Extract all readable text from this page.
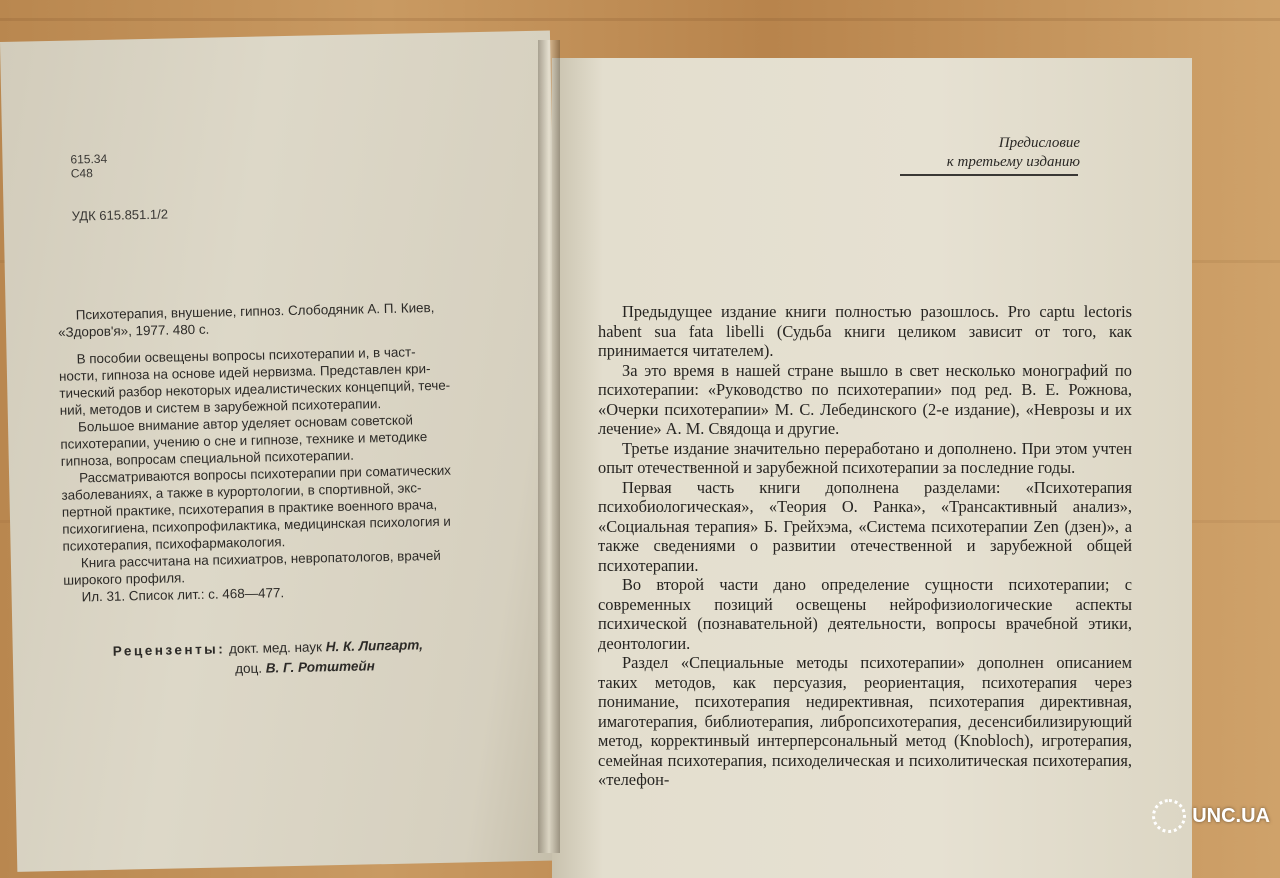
615.34
С48
УДК 615.851.1/2

Психотерапия, внушение, гипноз. Слободяник А. П. Киев,

«Здоров'я», 1977. 480 с.

В пособии освещены вопросы психотерапии и, в част-

ности, гипноза на основе идей нервизма. Представлен кри-

тический разбор некоторых идеалистических концепций, тече-

ний, методов и систем в зарубежной психотерапии.

Большое внимание автор уделяет основам советской

психотерапии, учению о сне и гипнозе, технике и методике

гипноза, вопросам специальной психотерапии.

Рассматриваются вопросы психотерапии при соматических

заболеваниях, а также в курортологии, в спортивной, экс-

пертной практике, психотерапия в практике военного врача,

психогигиена, психопрофилактика, медицинская психология и

психотерапия, психофармакология.

Книга рассчитана на психиатров, невропатологов, врачей

широкого профиля.

Ил. 31. Список лит.: с. 468—477.

Рецензенты: докт. мед. наук Н. К. Липгарт,
доц. В. Г. Ротштейн
Предисловие
к третьему изданию

Предыдущее издание книги полностью разошлось. Pro captu lectoris habent sua fata libelli (Судьба книги целиком зависит от того, как принимается читателем).

За это время в нашей стране вышло в свет несколько монографий по психотерапии: «Руководство по психотерапии» под ред. В. Е. Рожнова, «Очерки психотерапии» М. С. Лебединского (2-е издание), «Неврозы и их лечение» А. М. Свядоща и другие.

Третье издание значительно переработано и дополнено. При этом учтен опыт отечественной и зарубежной психотерапии за последние годы.

Первая часть книги дополнена разделами: «Психотерапия психобиологическая», «Теория О. Ранка», «Трансактивный анализ», «Социальная терапия» Б. Грейхэма, «Система психотерапии Zen (дзен)», а также сведениями о развитии отечественной и зарубежной общей психотерапии.

Во второй части дано определение сущности психотерапии; с современных позиций освещены нейрофизиологические аспекты психической (познавательной) деятельности, вопросы врачебной этики, деонтологии.

Раздел «Специальные методы психотерапии» дополнен описанием таких методов, как персуазия, реориентация, психотерапия через понимание, психотерапия недирективная, психотерапия директивная, имаготерапия, библиотерапия, либропсихотерапия, десенсибилизирующий метод, корректинвый интерперсональный метод (Knobloch), игротерапия, семейная психотерапия, психоделическая и психолитическая психотерапия, «телефон-

UNC.UA
